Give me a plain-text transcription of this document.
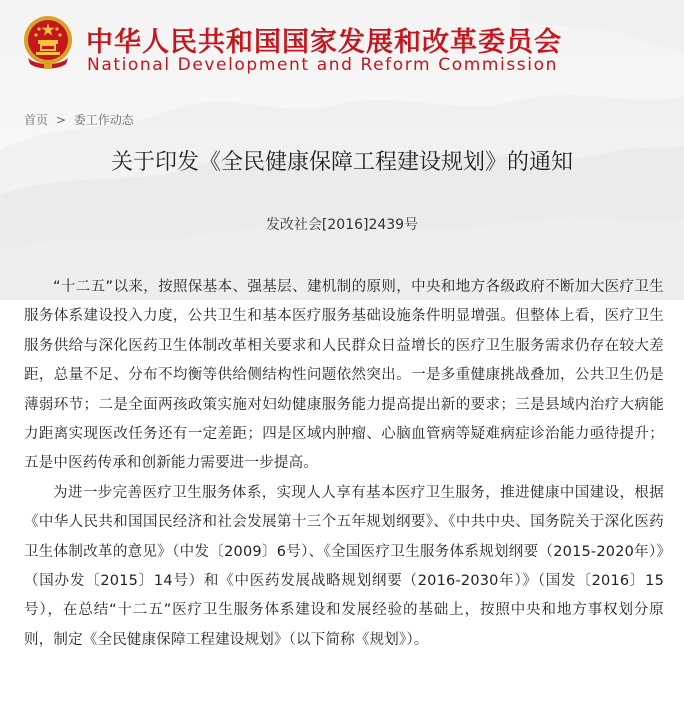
中华人民共和国国家发展和改革委员会
National Development and Reform Commission
首页 > 委工作动态
关于印发《全民健康保障工程建设规划》的通知
发改社会[2016]2439号

“十二五”以来，按照保基本、强基层、建机制的原则，中央和地方各级政府不断加大医疗卫生服务体系建设投入力度，公共卫生和基本医疗服务基础设施条件明显增强。但整体上看，医疗卫生服务供给与深化医药卫生体制改革相关要求和人民群众日益增长的医疗卫生服务需求仍存在较大差距，总量不足、分布不均衡等供给侧结构性问题依然突出。一是多重健康挑战叠加，公共卫生仍是薄弱环节；二是全面两孩政策实施对妇幼健康服务能力提高提出新的要求；三是县域内治疗大病能力距离实现医改任务还有一定差距；四是区域内肿瘤、心脑血管病等疑难病症诊治能力亟待提升；五是中医药传承和创新能力需要进一步提高。

为进一步完善医疗卫生服务体系，实现人人享有基本医疗卫生服务，推进健康中国建设，根据《中华人民共和国国民经济和社会发展第十三个五年规划纲要》、《中共中央、国务院关于深化医药卫生体制改革的意见》（中发〔2009〕6号）、《全国医疗卫生服务体系规划纲要（2015-2020年）》（国办发〔2015〕14号）和《中医药发展战略规划纲要（2016-2030年）》（国发〔2016〕15号），在总结“十二五”医疗卫生服务体系建设和发展经验的基础上，按照中央和地方事权划分原则，制定《全民健康保障工程建设规划》（以下简称《规划》）。
